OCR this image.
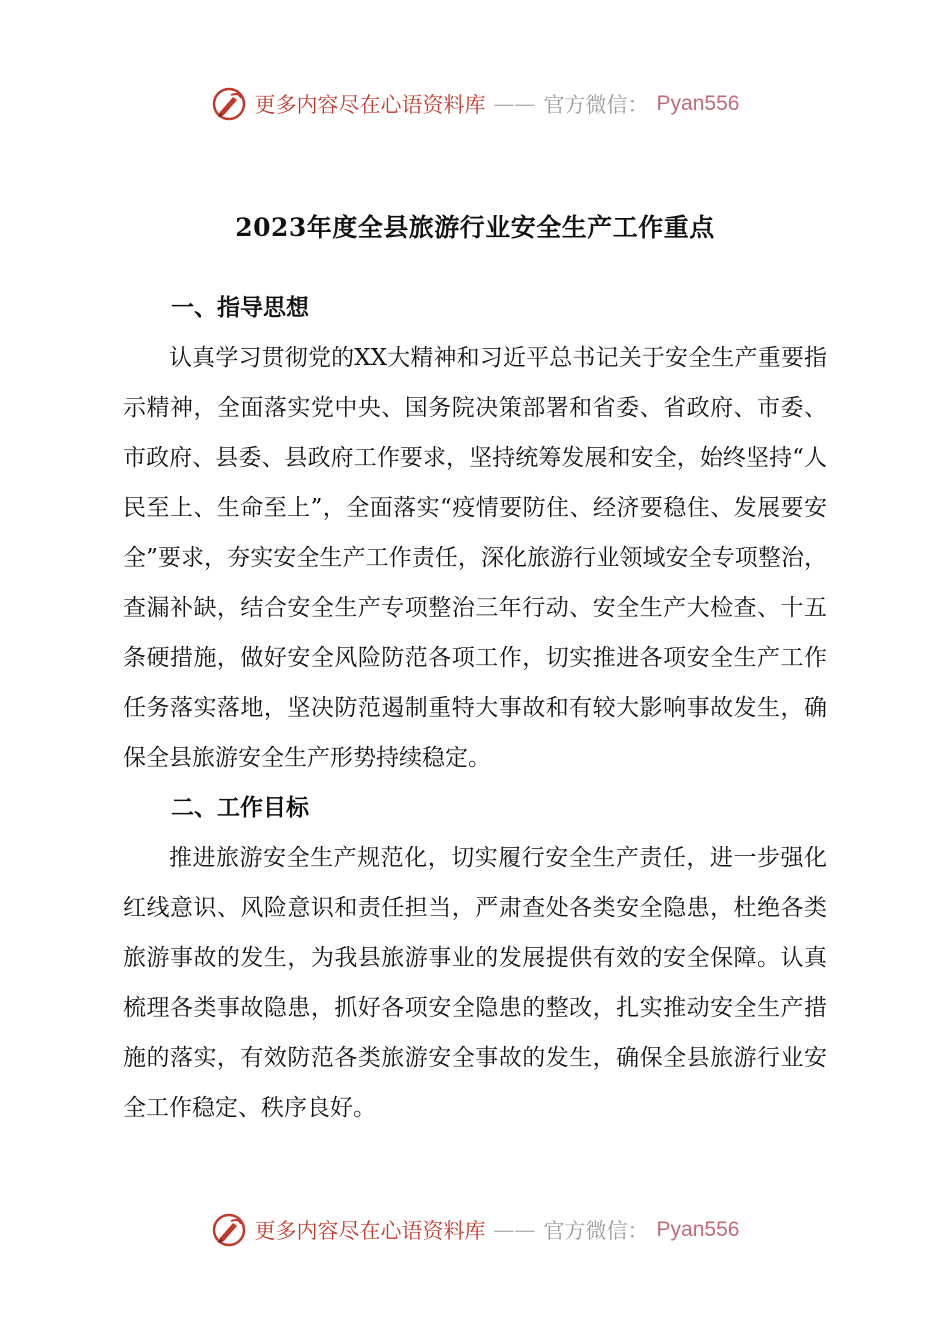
更多内容尽在心语资料库 —— 官方微信： Pyan556
2023年度全县旅游行业安全生产工作重点
一、指导思想

认真学习贯彻党的XX大精神和习近平总书记关于安全生产重要指示精神，全面落实党中央、国务院决策部署和省委、省政府、市委、市政府、县委、县政府工作要求，坚持统筹发展和安全，始终坚持“人民至上、生命至上”，全面落实“疫情要防住、经济要稳住、发展要安全”要求，夯实安全生产工作责任，深化旅游行业领域安全专项整治，查漏补缺，结合安全生产专项整治三年行动、安全生产大检查、十五条硬措施，做好安全风险防范各项工作，切实推进各项安全生产工作任务落实落地，坚决防范遏制重特大事故和有较大影响事故发生，确保全县旅游安全生产形势持续稳定。

二、工作目标

推进旅游安全生产规范化，切实履行安全生产责任，进一步强化红线意识、风险意识和责任担当，严肃查处各类安全隐患，杜绝各类旅游事故的发生，为我县旅游事业的发展提供有效的安全保障。认真梳理各类事故隐患，抓好各项安全隐患的整改，扎实推动安全生产措施的落实，有效防范各类旅游安全事故的发生，确保全县旅游行业安全工作稳定、秩序良好。

更多内容尽在心语资料库 —— 官方微信： Pyan556
